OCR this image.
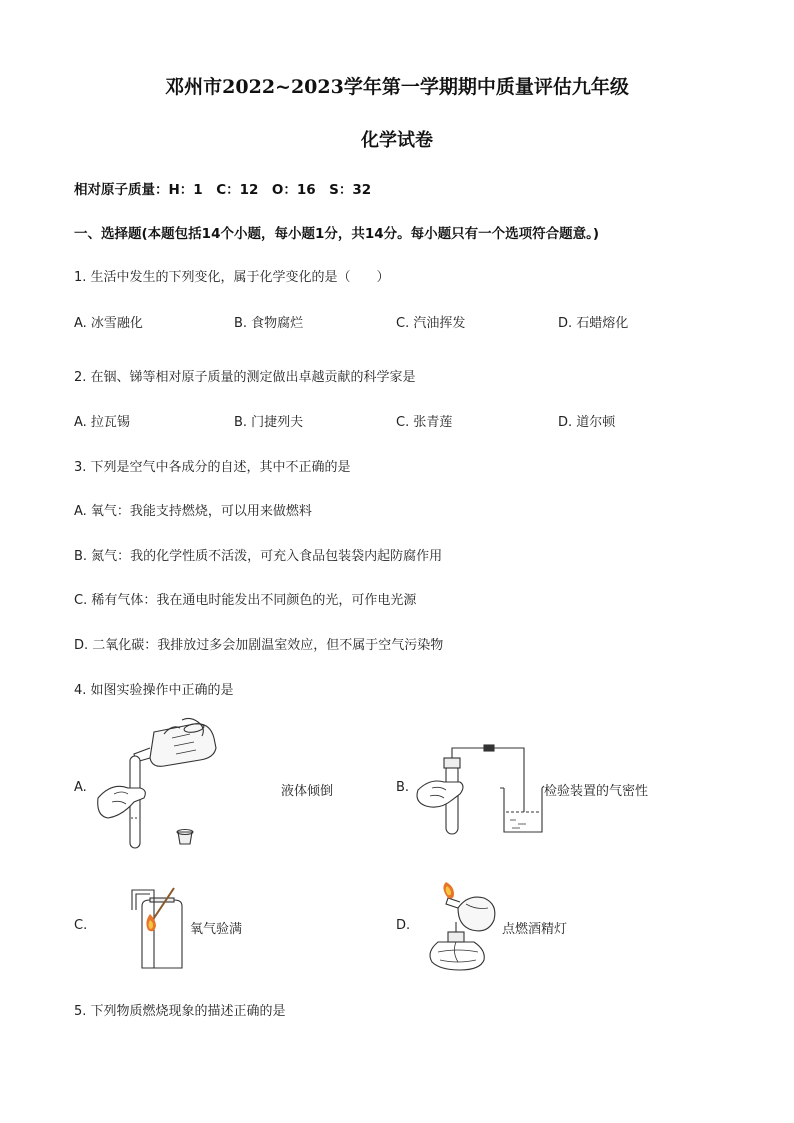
邓州市2022~2023学年第一学期期中质量评估九年级
化学试卷
相对原子质量：H：1　C：12　O：16　S：32
一、选择题(本题包括14个小题，每小题1分，共14分。每小题只有一个选项符合题意。)
1. 生活中发生的下列变化，属于化学变化的是（　　）
A. 冰雪融化	B. 食物腐烂	C. 汽油挥发	D. 石蜡熔化
2. 在铟、锑等相对原子质量的测定做出卓越贡献的科学家是
A. 拉瓦锡	B. 门捷列夫	C. 张青莲	D. 道尔顿
3. 下列是空气中各成分的自述，其中不正确的是
A. 氧气：我能支持燃烧，可以用来做燃料
B. 氮气：我的化学性质不活泼，可充入食品包装袋内起防腐作用
C. 稀有气体：我在通电时能发出不同颜色的光，可作电光源
D. 二氧化碳：我排放过多会加剧温室效应，但不属于空气污染物
4. 如图实验操作中正确的是
A.	液体倾倒	B.	检验装置的气密性
C.	氧气验满	D.	点燃酒精灯
5. 下列物质燃烧现象的描述正确的是
